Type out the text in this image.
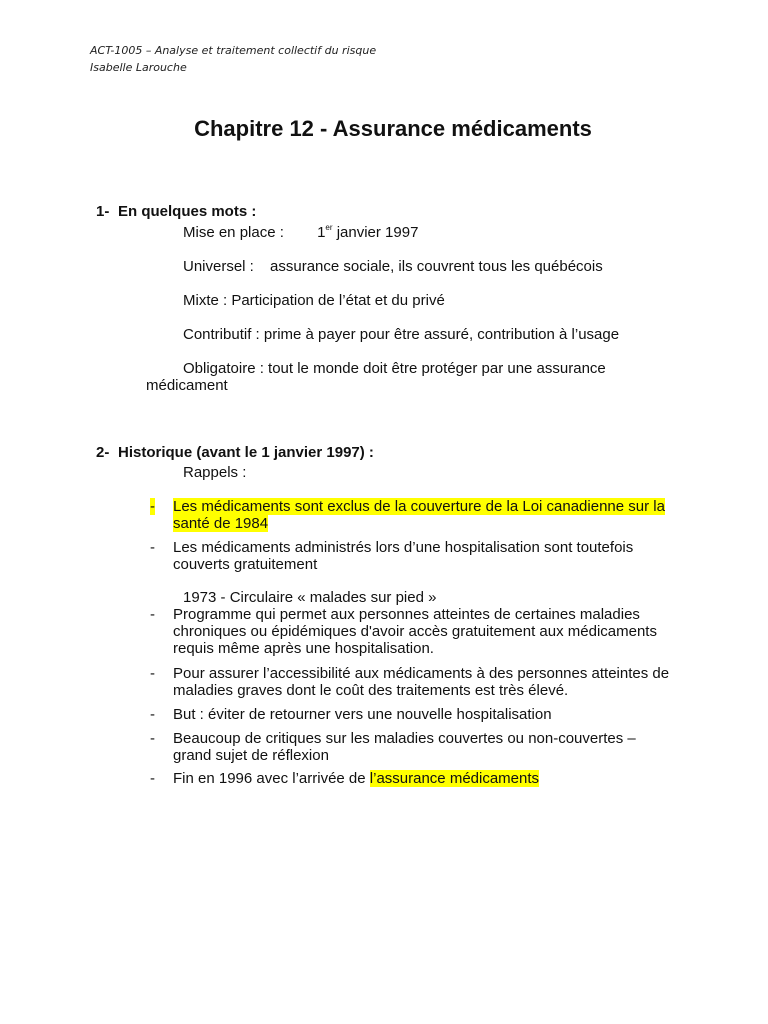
ACT-1005 – Analyse et traitement collectif du risque
Isabelle Larouche
Chapitre 12 - Assurance médicaments
1- En quelques mots :
Mise en place : 1er janvier 1997
Universel : assurance sociale, ils couvrent tous les québécois
Mixte : Participation de l’état et du privé
Contributif : prime à payer pour être assuré, contribution à l’usage
Obligatoire : tout le monde doit être protéger par une assurance
médicament
2- Historique (avant le 1 janvier 1997) :
Rappels :
- Les médicaments sont exclus de la couverture de la Loi canadienne sur la santé de 1984
- Les médicaments administrés lors d’une hospitalisation sont toutefois couverts gratuitement
1973 - Circulaire « malades sur pied »
- Programme qui permet aux personnes atteintes de certaines maladies chroniques ou épidémiques d'avoir accès gratuitement aux médicaments requis même après une hospitalisation.
- Pour assurer l’accessibilité aux médicaments à des personnes atteintes de maladies graves dont le coût des traitements est très élevé.
- But : éviter de retourner vers une nouvelle hospitalisation
- Beaucoup de critiques sur les maladies couvertes ou non-couvertes – grand sujet de réflexion
- Fin en 1996 avec l’arrivée de l’assurance médicaments
